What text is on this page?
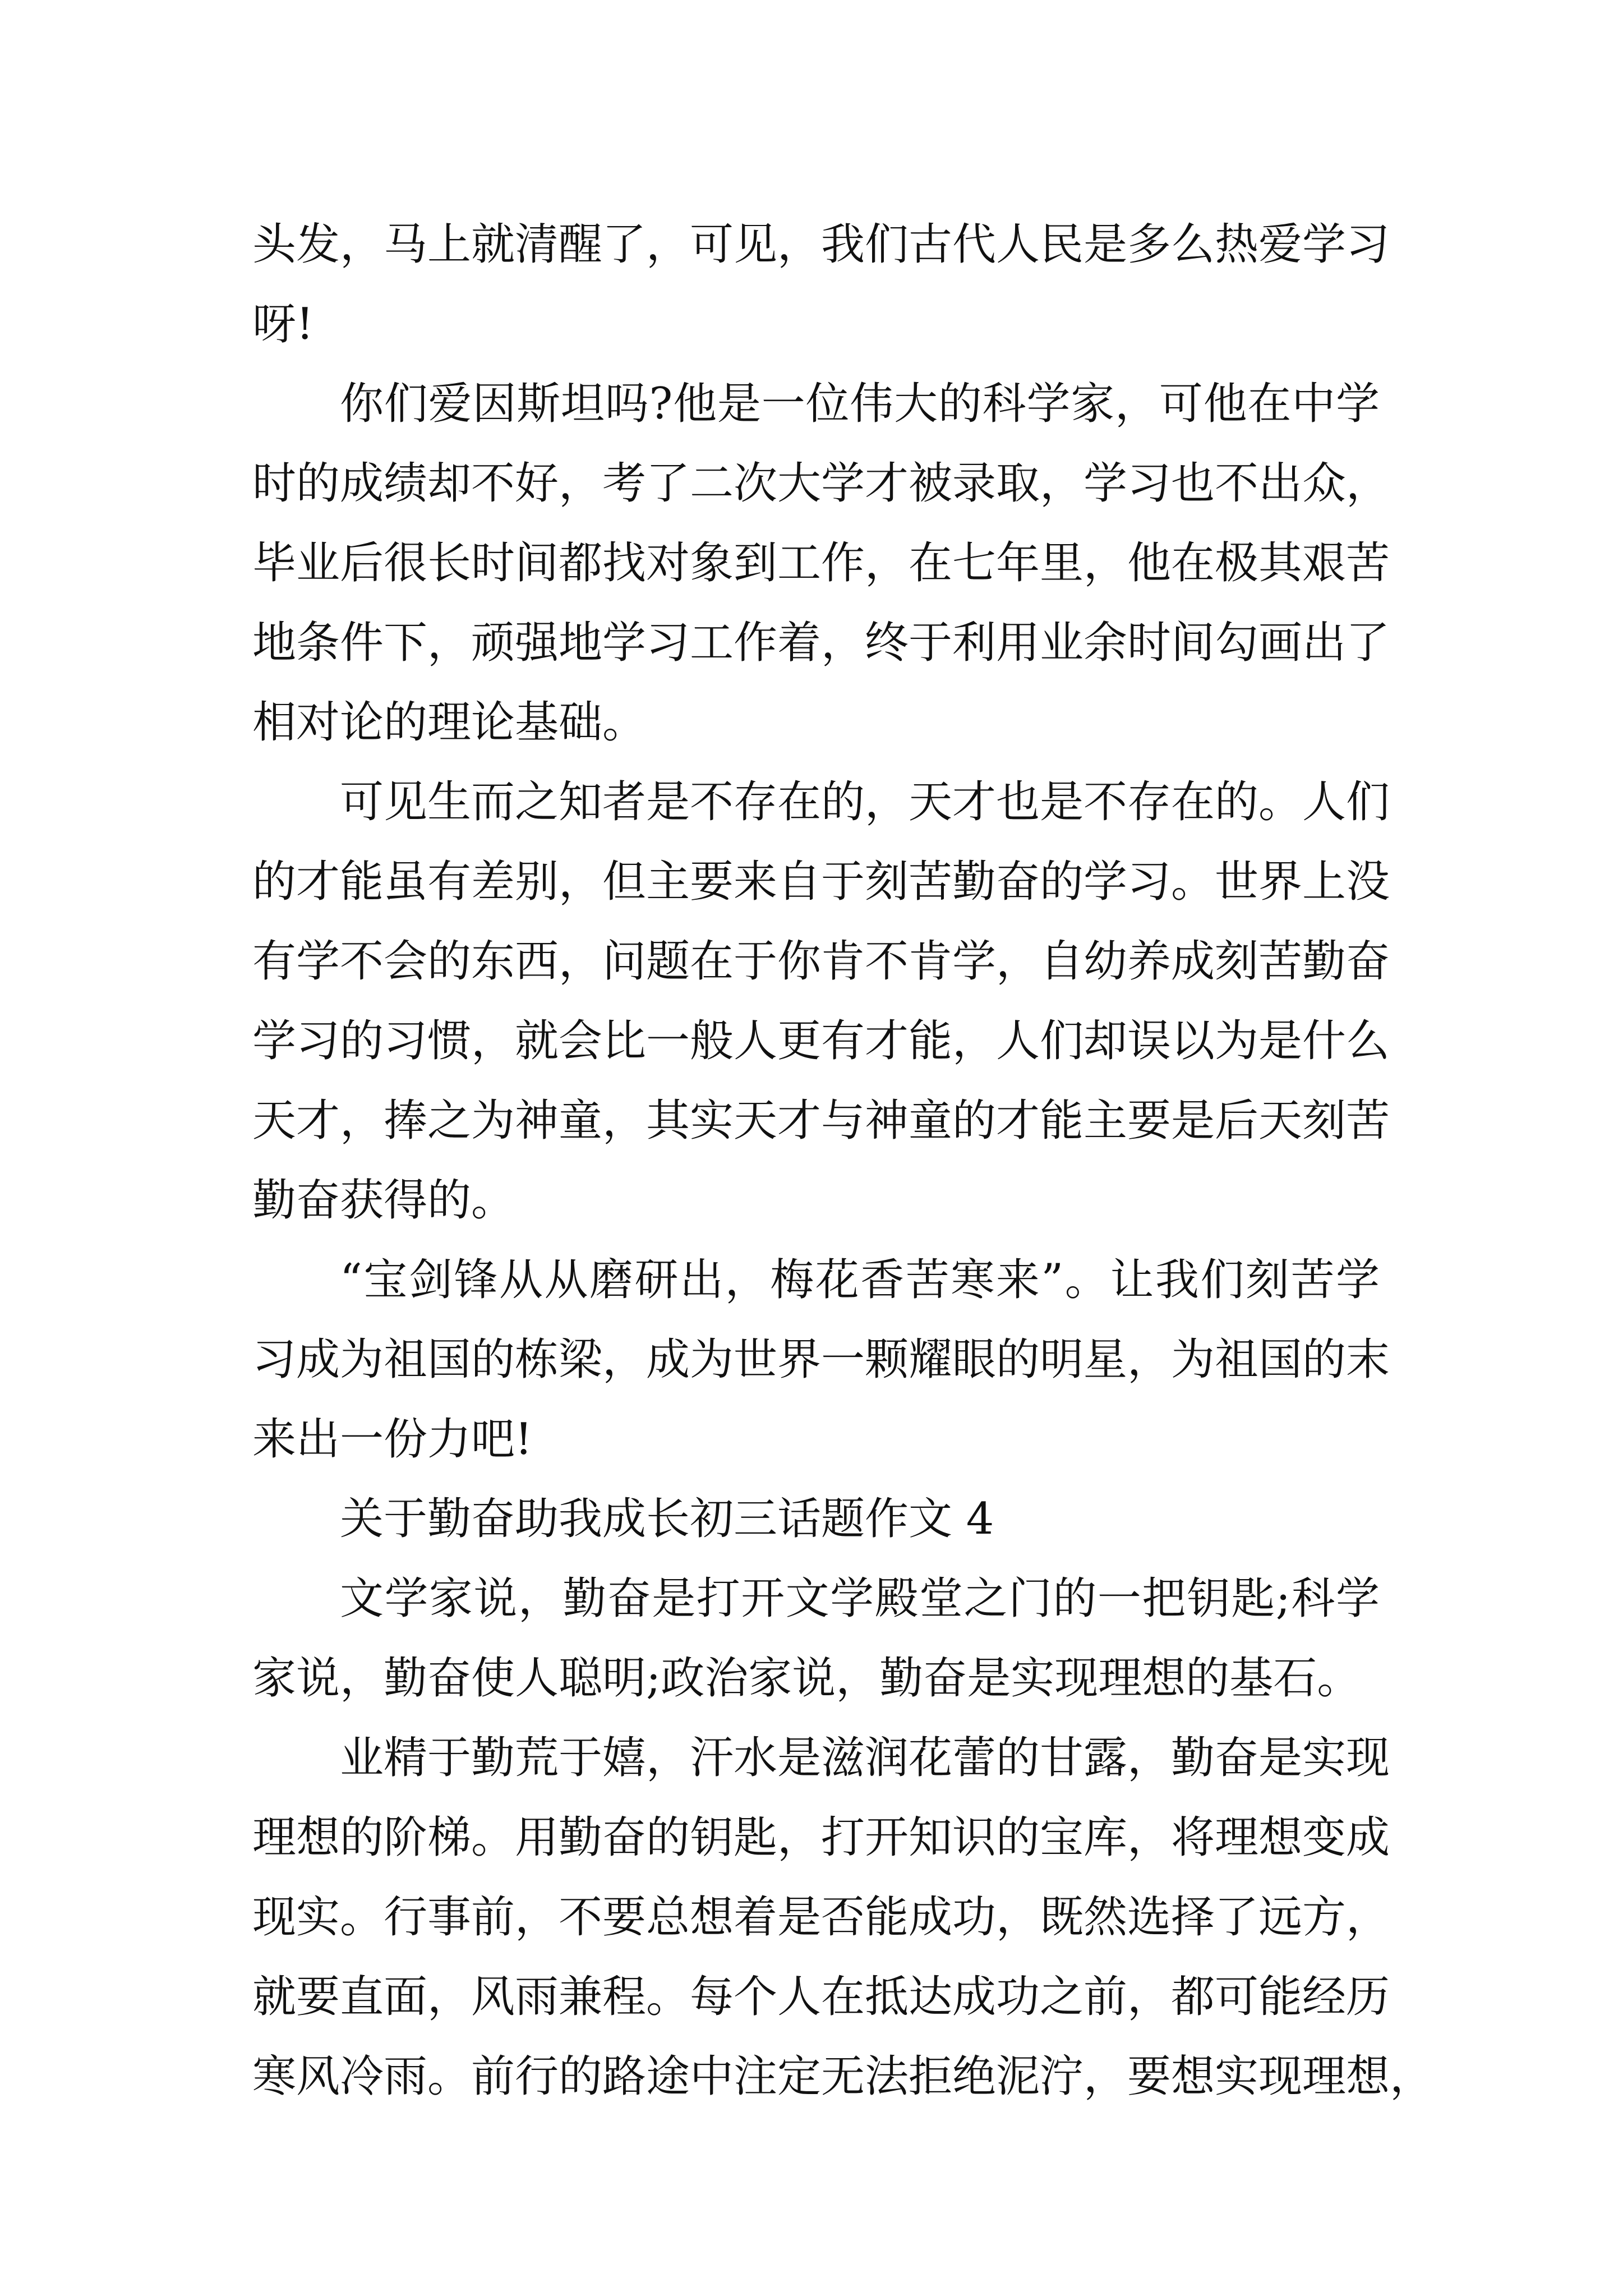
头发，马上就清醒了，可见，我们古代人民是多么热爱学习
呀!
你们爱因斯坦吗?他是一位伟大的科学家，可他在中学
时的成绩却不好，考了二次大学才被录取，学习也不出众，
毕业后很长时间都找对象到工作，在七年里，他在极其艰苦
地条件下，顽强地学习工作着，终于利用业余时间勾画出了
相对论的理论基础。
可见生而之知者是不存在的，天才也是不存在的。人们
的才能虽有差别，但主要来自于刻苦勤奋的学习。世界上没
有学不会的东西，问题在于你肯不肯学，自幼养成刻苦勤奋
学习的习惯，就会比一般人更有才能，人们却误以为是什么
天才，捧之为神童，其实天才与神童的才能主要是后天刻苦
勤奋获得的。
“宝剑锋从从磨研出，梅花香苦寒来”。让我们刻苦学
习成为祖国的栋梁，成为世界一颗耀眼的明星，为祖国的末
来出一份力吧!
关于勤奋助我成长初三话题作文 4
文学家说，勤奋是打开文学殿堂之门的一把钥匙;科学
家说，勤奋使人聪明;政治家说，勤奋是实现理想的基石。
业精于勤荒于嬉，汗水是滋润花蕾的甘露，勤奋是实现
理想的阶梯。用勤奋的钥匙，打开知识的宝库，将理想变成
现实。行事前，不要总想着是否能成功，既然选择了远方，
就要直面，风雨兼程。每个人在抵达成功之前，都可能经历
寒风冷雨。前行的路途中注定无法拒绝泥泞，要想实现理想，
